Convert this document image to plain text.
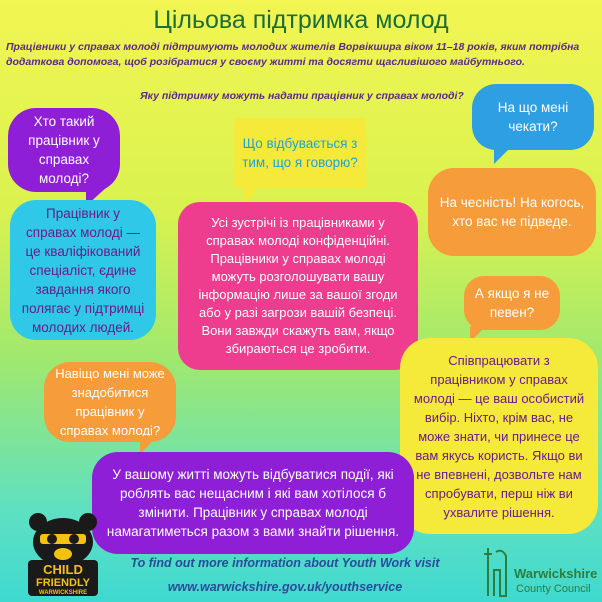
Цільова підтримка молод
Працівники у справах молоді підтримують молодих жителів Ворвікшира віком 11–18 років, яким потрібна додаткова допомога, щоб розібратися у своєму житті та досягти щасливішого майбутнього.
Яку підтримку можуть надати працівник у справах молоді?
Хто такий працівник у справах молоді?
Працівник у справах молоді — це кваліфікований спеціаліст, єдине завдання якого полягає у підтримці молодих людей.
Що відбувається з тим, що я говорю?
Усі зустрічі із працівниками у справах молоді конфіденційні. Працівники у справах молоді можуть розголошувати вашу інформацію лише за вашої згоди або у разі загрози вашій безпеці. Вони завжди скажуть вам, якщо збираються це зробити.
На що мені чекати?
На чесність! На когось, хто вас не підведе.
А якщо я не певен?
Співпрацювати з працівником у справах молоді — це ваш особистий вибір. Ніхто, крім вас, не може знати, чи принесе це вам якусь користь. Якщо ви не впевнені, дозвольте нам спробувати, перш ніж ви ухвалите рішення.
Навіщо мені може знадобитися працівник у справах молоді?
У вашому житті можуть відбуватися події, які роблять вас нещасним і які вам хотілося б змінити. Працівник у справах молоді намагатиметься разом з вами знайти рішення.
CHILD
FRIENDLY
WARWICKSHIRE
To find out more information about Youth Work visit
www.warwickshire.gov.uk/youthservice
Warwickshire
County Council
